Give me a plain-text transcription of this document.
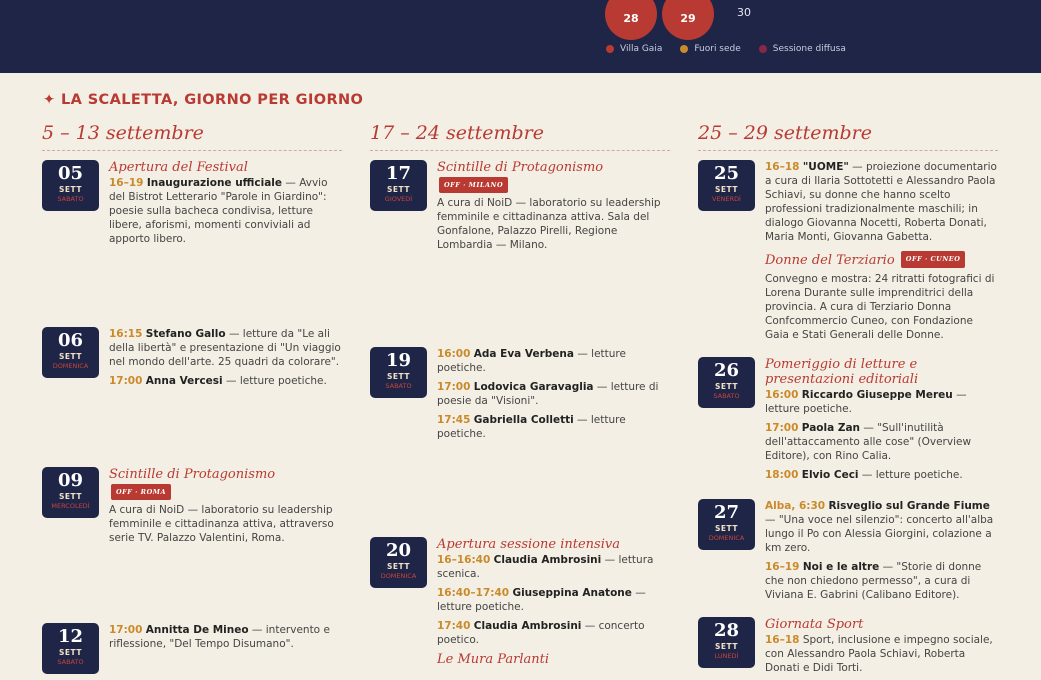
28	29	30
Villa Gaia	Fuori sede	Sessione diffusa
✦ LA SCALETTA, GIORNO PER GIORNO
5 – 13 settembre
05
SETT
SABATO
Apertura del Festival

16–19 Inaugurazione ufficiale — Avvio del Bistrot Letterario "Parole in Giardino": poesie sulla bacheca condivisa, letture libere, aforismi, momenti conviviali ad apporto libero.

06
SETT
DOMENICA

16:15 Stefano Gallo — letture da "Le ali della libertà" e presentazione di "Un viaggio nel mondo dell'arte. 25 quadri da colorare".

17:00 Anna Vercesi — letture poetiche.

09
SETT
MERCOLEDÌ
Scintille di Protagonismo
OFF · ROMA

A cura di NoiD — laboratorio su leadership femminile e cittadinanza attiva, attraverso serie TV. Palazzo Valentini, Roma.

12
SETT
SABATO

17:00 Annitta De Mineo — intervento e riflessione, "Del Tempo Disumano".

17 – 24 settembre
17
SETT
GIOVEDÌ
Scintille di Protagonismo
OFF · MILANO

A cura di NoiD — laboratorio su leadership femminile e cittadinanza attiva. Sala del Gonfalone, Palazzo Pirelli, Regione Lombardia — Milano.

19
SETT
SABATO

16:00 Ada Eva Verbena — letture poetiche.

17:00 Lodovica Garavaglia — letture di poesie da "Visioni".

17:45 Gabriella Colletti — letture poetiche.

20
SETT
DOMENICA
Apertura sessione intensiva

16–16:40 Claudia Ambrosini — lettura scenica.

16:40–17:40 Giuseppina Anatone — letture poetiche.

17:40 Claudia Ambrosini — concerto poetico.

Le Mura Parlanti
25 – 29 settembre
25
SETT
VENERDÌ

16–18 "UOME" — proiezione documentario a cura di Ilaria Sottotetti e Alessandro Paola Schiavi, su donne che hanno scelto professioni tradizionalmente maschili; in dialogo Giovanna Nocetti, Roberta Donati, Maria Monti, Giovanna Gabetta.

Donne del Terziario OFF · CUNEO

Convegno e mostra: 24 ritratti fotografici di Lorena Durante sulle imprenditrici della provincia. A cura di Terziario Donna Confcommercio Cuneo, con Fondazione Gaia e Stati Generali delle Donne.

26
SETT
SABATO
Pomeriggio di letture e presentazioni editoriali

16:00 Riccardo Giuseppe Mereu — letture poetiche.

17:00 Paola Zan — "Sull'inutilità dell'attaccamento alle cose" (Overview Editore), con Rino Calia.

18:00 Elvio Ceci — letture poetiche.

27
SETT
DOMENICA

Alba, 6:30 Risveglio sul Grande Fiume — "Una voce nel silenzio": concerto all'alba lungo il Po con Alessia Giorgini, colazione a km zero.

16–19 Noi e le altre — "Storie di donne che non chiedono permesso", a cura di Viviana E. Gabrini (Calibano Editore).

28
SETT
LUNEDÌ
Giornata Sport

16–18 Sport, inclusione e impegno sociale, con Alessandro Paola Schiavi, Roberta Donati e Didi Torti.
